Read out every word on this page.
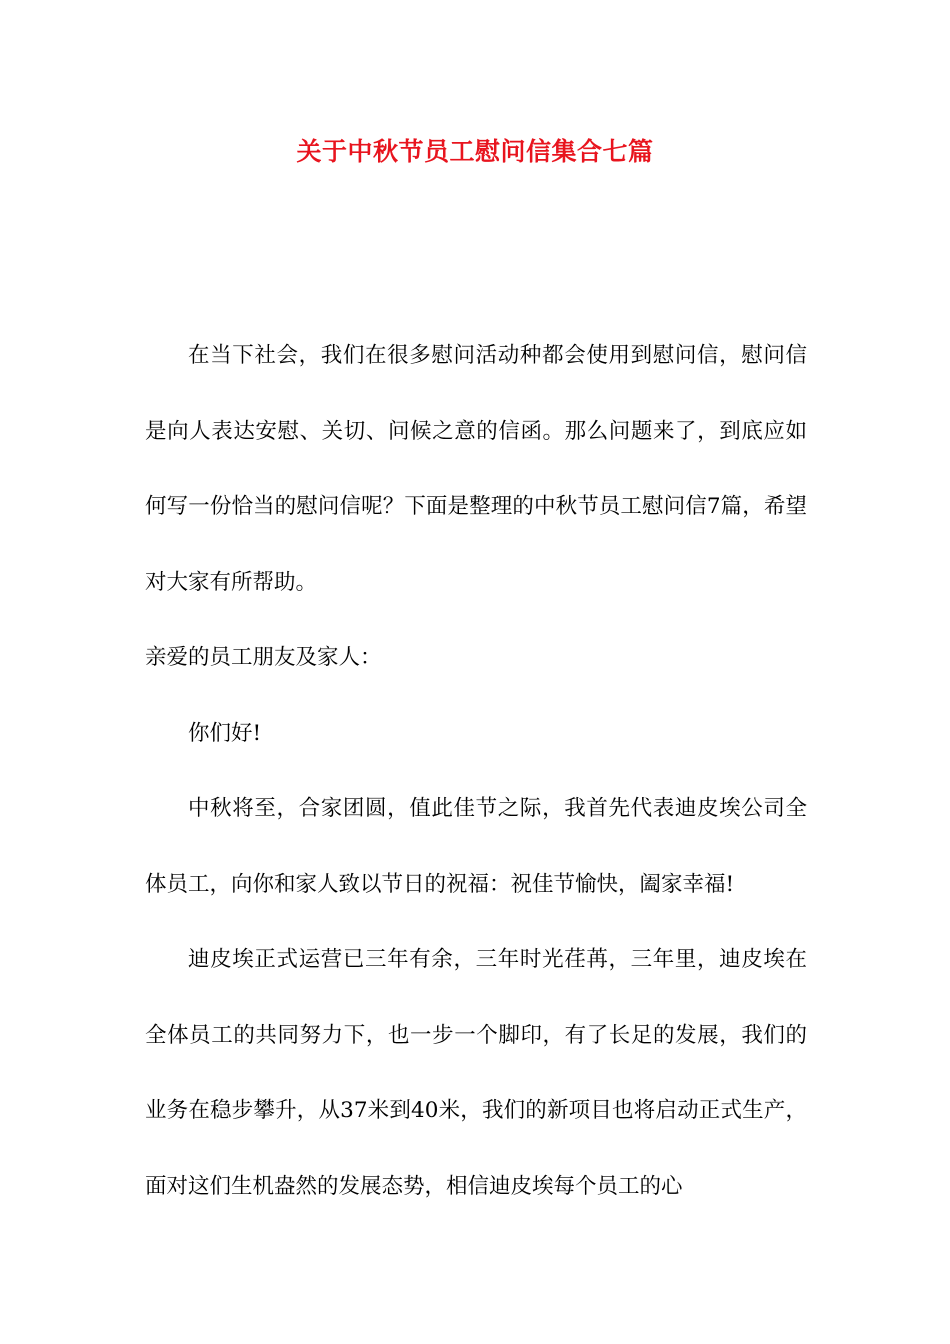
关于中秋节员工慰问信集合七篇

在当下社会，我们在很多慰问活动种都会使用到慰问信，慰问信是向人表达安慰、关切、问候之意的信函。那么问题来了，到底应如何写一份恰当的慰问信呢？下面是整理的中秋节员工慰问信7篇，希望对大家有所帮助。

亲爱的员工朋友及家人：

你们好!

中秋将至，合家团圆，值此佳节之际，我首先代表迪皮埃公司全体员工，向你和家人致以节日的祝福：祝佳节愉快，阖家幸福!

迪皮埃正式运营已三年有余，三年时光荏苒，三年里，迪皮埃在全体员工的共同努力下，也一步一个脚印，有了长足的发展，我们的业务在稳步攀升，从37米到40米，我们的新项目也将启动正式生产，面对这们生机盎然的发展态势，相信迪皮埃每个员工的心
